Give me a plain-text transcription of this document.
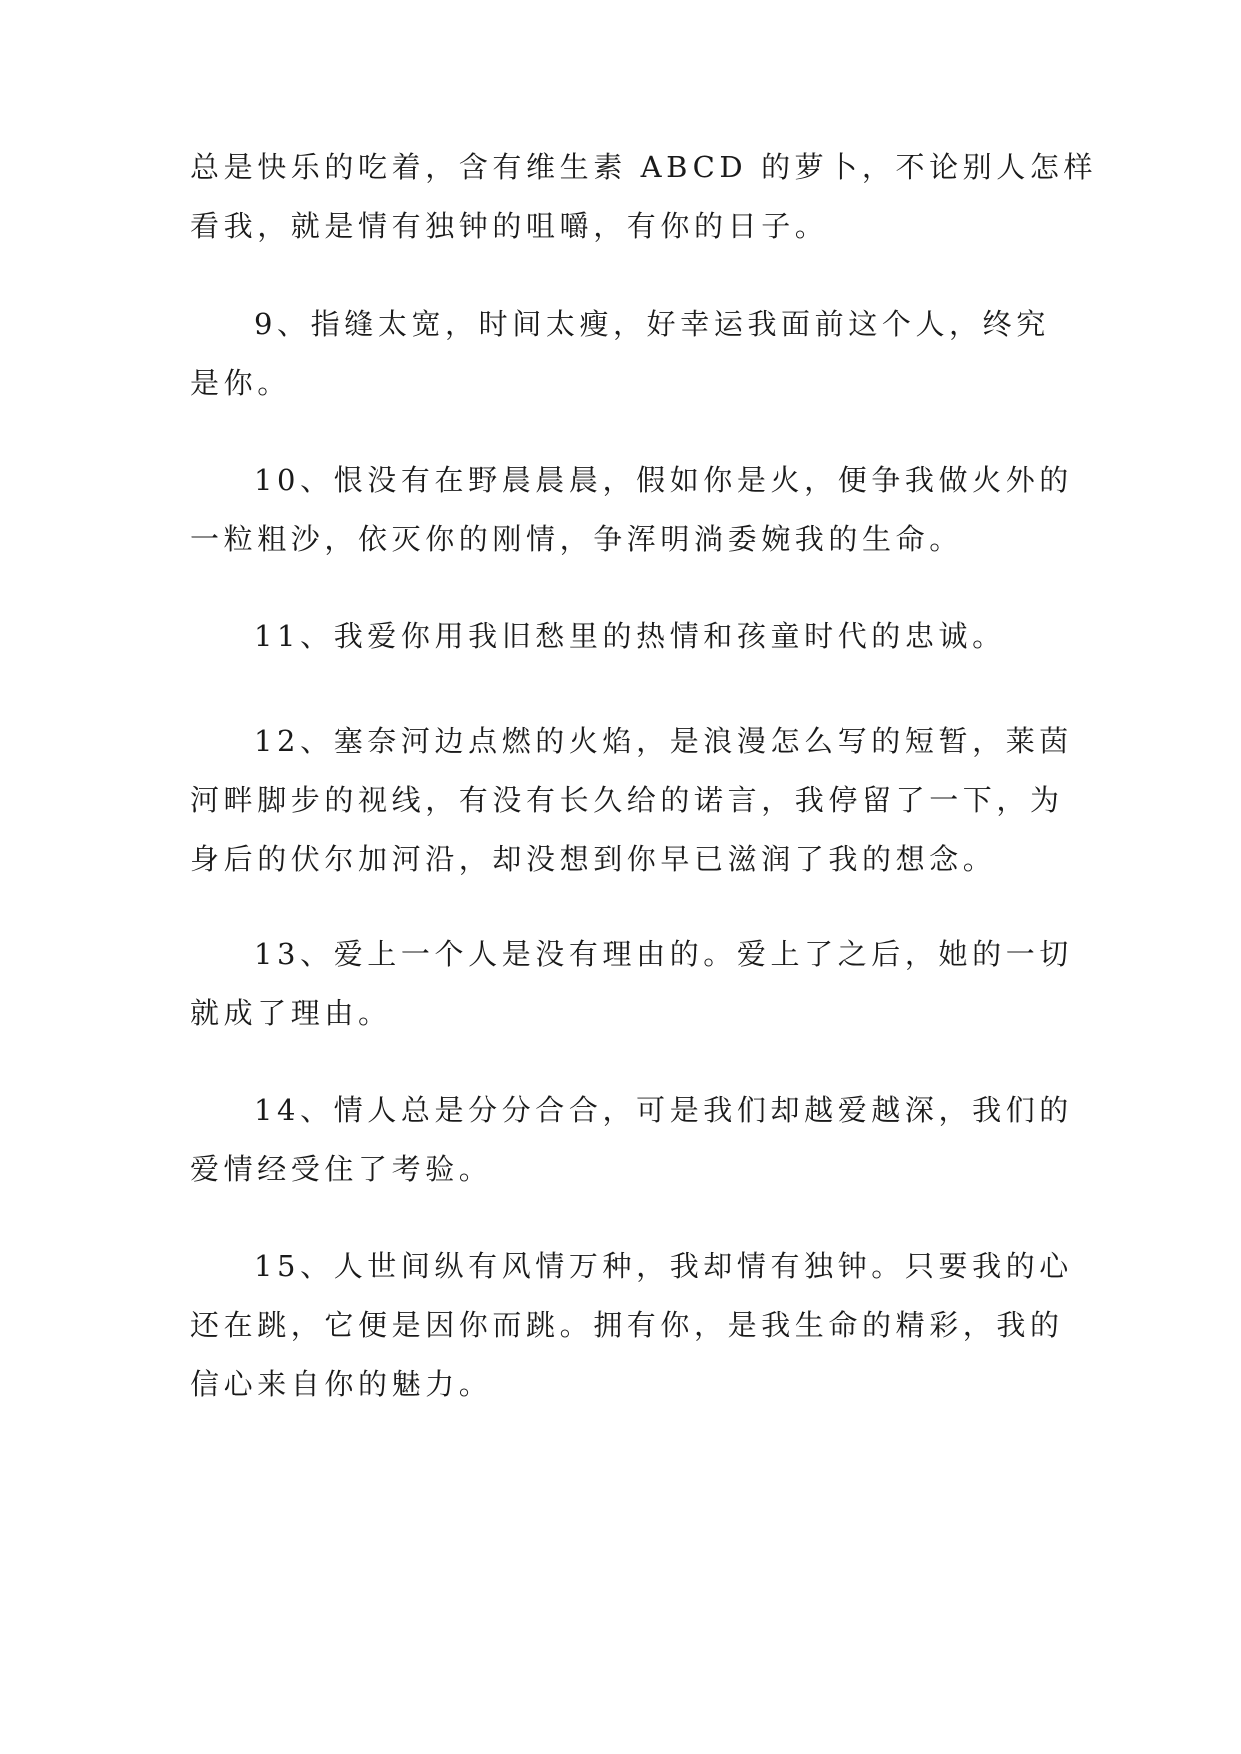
总是快乐的吃着，含有维生素 ABCD 的萝卜，不论别人怎样
看我，就是情有独钟的咀嚼，有你的日子。
9、指缝太宽，时间太瘦，好幸运我面前这个人，终究
是你。
10、恨没有在野晨晨晨，假如你是火，便争我做火外的
一粒粗沙，依灭你的刚情，争浑明淌委婉我的生命。
11、我爱你用我旧愁里的热情和孩童时代的忠诚。
12、塞奈河边点燃的火焰，是浪漫怎么写的短暂，莱茵
河畔脚步的视线，有没有长久给的诺言，我停留了一下，为
身后的伏尔加河沿，却没想到你早已滋润了我的想念。
13、爱上一个人是没有理由的。爱上了之后，她的一切
就成了理由。
14、情人总是分分合合，可是我们却越爱越深，我们的
爱情经受住了考验。
15、人世间纵有风情万种，我却情有独钟。只要我的心
还在跳，它便是因你而跳。拥有你，是我生命的精彩，我的
信心来自你的魅力。
